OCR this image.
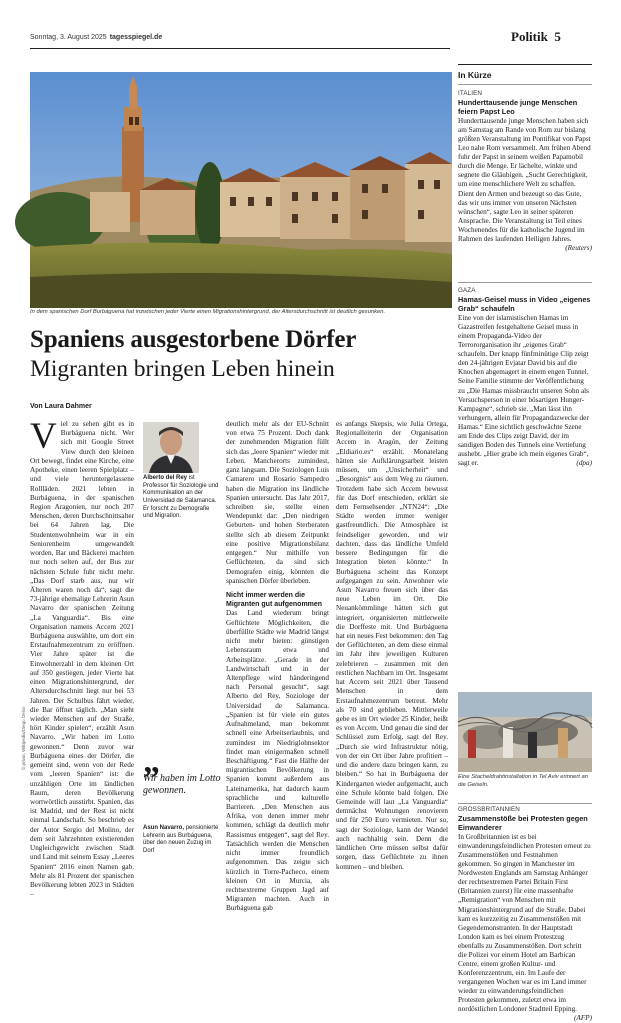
Sonntag, 3. August 2025 tagesspiegel.de	Politik 5
In dem spanischen Dorf Burbáguena hat inzwischen jeder Vierte einen Migrationshintergrund, der Altersdurchschnitt ist deutlich gesunken.
© privat, Wikipedia/Diego Delso
Spaniens ausgestorbene Dörfer
Migranten bringen Leben hinein
Von Laura Dahmer
Viel zu sehen gibt es in Burbáguena nicht. Wer sich mit Google Street View durch den kleinen Ort bewegt, findet eine Kirche, eine Apotheke, einen leeren Spielplatz – und viele heruntergelassene Rollläden. 2021 lebten in Burbáguena, in der spanischen Region Aragonien, nur noch 207 Menschen, deren Durchschnittsalter bei 64 Jahren lag. Die Studentenwohnheim war in ein Seniorenheim umgewandelt worden, Bar und Bäckerei machten nur noch selten auf, der Bus zur nächsten Schule fuhr nicht mehr. „Das Dorf starb aus, nur wir Älteren waren noch da“, sagt die 73-jährige ehemalige Lehrerin Asun Navarro der spanischen Zeitung „La Vanguardia“. Bis eine Organisation namens Accem 2021 Burbáguena auswählte, um dort ein Erstaufnahmezentrum zu eröffnen. Vier Jahre später ist die Einwohnerzahl in dem kleinen Ort auf 350 gestiegen, jeder Vierte hat einen Migrationshintergrund, der Altersdurchschnitt liegt nur bei 53 Jahren. Der Schulbus fährt wieder, die Bar öffnet täglich. „Man sieht wieder Menschen auf der Straße, hört Kinder spielen“, erzählt Asun Navarro. „Wir haben im Lotto gewonnen.“ Denn zuvor war Burbáguena eines der Dörfer, die gemeint sind, wenn von der Rede vom „leeren Spanien“ ist: die unzähligen Orte im ländlichen Raum, deren Bevölkerung wortwörtlich ausstirbt. Spanien, das ist Madrid, und der Rest ist nicht einmal Landschaft. So beschrieb es der Autor Sergio del Molino, der dem seit Jahrzehnten existierenden Ungleichgewicht zwischen Stadt und Land mit seinem Essay „Leeres Spanien“ 2016 einen Namen gab. Mehr als 81 Prozent der spanischen Bevölkerung lebten 2023 in Städten –
Alberto del Rey ist Professor für Soziologie und Kommunikation an der Universidad de Salamanca. Er forscht zu Demografie und Migration.
„
Wir haben im Lotto gewonnen.
Asun Navarro, pensionierte Lehrerin aus Burbáguena, über den neuen Zuzug im Dorf
deutlich mehr als der EU-Schnitt von etwa 75 Prozent. Doch dank der zunehmenden Migration füllt sich das „leere Spanien“ wieder mit Leben. Mancherorts zumindest, ganz langsam. Die Soziologen Luis Camarero und Rosario Sampedro haben die Migration ins ländliche Spanien untersucht. Das Jahr 2017, schreiben sie, stellte einen Wendepunkt dar: „Den niedrigen Geburten- und hohen Sterberaten stellte sich ab diesem Zeitpunkt eine positive Migrationsbilanz entgegen.“ Nur mithilfe von Geflüchteten, da sind sich Demografen einig, könnten die spanischen Dörfer überleben.
Nicht immer werden die Migranten gut aufgenommen
Das Land wiederum bringt Geflüchtete Möglichkeiten, die überfüllte Städte wie Madrid längst nicht mehr bieten: günstigen Lebensraum etwa und Arbeitsplätze. „Gerade in der Landwirtschaft und in der Altenpflege wird händeringend nach Personal gesucht“, sagt Alberto del Rey, Soziologe der Universidad de Salamanca. „Spanien ist für viele ein gutes Aufnahmeland, man bekommt schnell eine Arbeitserlaubnis, und zumindest im Niedriglohnsektor findet man einigermaßen schnell Beschäftigung.“ Fast die Hälfte der migrantischen Bevölkerung in Spanien kommt außerdem aus Lateinamerika, hat dadurch kaum sprachliche und kulturelle Barrieren. „Den Menschen aus Afrika, von denen immer mehr kommen, schlägt da deutlich mehr Rassismus entgegen“, sagt del Rey. Tatsächlich werden die Menschen nicht immer freundlich aufgenommen. Das zeigte sich kürzlich in Torre-Pacheco, einem kleinen Ort in Murcia, als rechtsextreme Gruppen Jagd auf Migranten machten. Auch in Burbáguena gab
es anfangs Skepsis, wie Julia Ortega, Regionalleiterin der Organisation Accem in Aragón, der Zeitung „Eldiario.es“ erzählt. Monatelang hätten sie Aufklärungsarbeit leisten müssen, um „Unsicherheit“ und „Besorgnis“ aus dem Weg zu räumen. Trotzdem habe sich Accem bewusst für das Dorf entschieden, erklärt sie dem Fernsehsender „NTN24“: „Die Städte werden immer weniger gastfreundlich. Die Atmosphäre ist feindseliger geworden, und wir dachten, dass das ländliche Umfeld bessere Bedingungen für die Integration bieten könnte.“ In Burbáguena scheint das Konzept aufgegangen zu sein. Anwohner wie Asun Navarro freuen sich über das neue Leben im Ort. Die Neuankömmlinge hätten sich gut integriert, organisierten mittlerweile die Dorffeste mit. Und Burbáguena hat ein neues Fest bekommen: den Tag der Geflüchteten, an dem diese einmal im Jahr ihre jeweiligen Kulturen zelebrieren – zusammen mit den restlichen Nachbarn im Ort. Insgesamt hat Accem seit 2021 über Tausend Menschen in dem Erstaufnahmezentrum betreut. Mehr als 70 sind geblieben. Mittlerweile gebe es im Ort wieder 25 Kinder, heißt es von Accem. Und genau die sind der Schlüssel zum Erfolg, sagt del Rey. „Durch sie wird Infrastruktur nötig, von der ein Ort über Jahre profitiert – und die andere dazu bringen kann, zu bleiben.“ So hat in Burbáguena der Kindergarten wieder aufgemacht, auch eine Schule könnte bald folgen. Die Gemeinde will laut „La Vanguardia“ demnächst Wohnungen renovieren und für 250 Euro vermieten. Nur so, sagt der Soziologe, kann der Wandel auch nachhaltig sein. Denn die ländlichen Orte müssen selbst dafür sorgen, dass Geflüchtete zu ihnen kommen – und bleiben.
In Kürze
ITALIEN
Hunderttausende junge Menschen feiern Papst Leo
Hunderttausende junge Menschen haben sich am Samstag am Rande von Rom zur bislang größten Veranstaltung im Pontifikat von Papst Leo nahe Rom versammelt. Am frühen Abend fuhr der Papst in seinem weißen Papamobil durch die Menge. Er lächelte, winkte und segnete die Gläubigen. „Sucht Gerechtigkeit, um eine menschlichere Welt zu schaffen. Dient den Armen und bezeugt so das Gute, das wir uns immer von unseren Nächsten wünschen“, sagte Leo in seiner späteren Ansprache. Die Veranstaltung ist Teil eines Wochenendes für die katholische Jugend im Rahmen des laufenden Heiligen Jahres.
(Reuters)
GAZA
Hamas-Geisel muss in Video „eigenes Grab“ schaufeln
Eine von der islamistischen Hamas im Gazastreifen festgehaltene Geisel muss in einem Propaganda-Video der Terrororganisation ihr „eigenes Grab“ schaufeln. Der knapp fünfminütige Clip zeigt den 24-jährigen Evjatar David bis auf die Knochen abgemagert in einem engen Tunnel. Seine Familie stimmte der Veröffentlichung zu „Die Hamas missbraucht unseren Sohn als Versuchsperson in einer bösartigen Hunger-Kampagne“, schrieb sie. „Man lässt ihn verhungern, allein für Propagandazwecke der Hamas.“ Eine sichtlich geschwächte Szene am Ende des Clips zeigt David, der im sandigen Boden des Tunnels eine Vertiefung aushebt. „Hier grabe ich mein eigenes Grab“, sagt er.	(dpa)
Eine Stacheldrahtinstallation in Tel Aviv erinnert an die Geiseln.
GROSSBRITANNIEN
Zusammenstöße bei Protesten gegen Einwanderer
In Großbritannien ist es bei einwanderungsfeindlichen Protesten erneut zu Zusammenstößen und Festnahmen gekommen. So gingen in Manchester im Nordwesten Englands am Samstag Anhänger der rechtsextremen Partei Britain First (Britannien zuerst) für eine massenhafte „Remigration“ von Menschen mit Migrationshintergrund auf die Straße. Dabei kam es kurzzeitig zu Zusammenstößen mit Gegendemonstranten. In der Hauptstadt London kam es bei einem Protestzug ebenfalls zu Zusammenstößen. Dort schritt die Polizei vor einem Hotel am Barbican Centre, einem großen Kultur- und Konferenzzentrum, ein. Im Laufe der vergangenen Wochen war es im Land immer wieder zu einwanderungsfeindlichen Protesten gekommen, zuletzt etwa im nordöstlichen Londoner Stadtteil Epping.
(AFP)
